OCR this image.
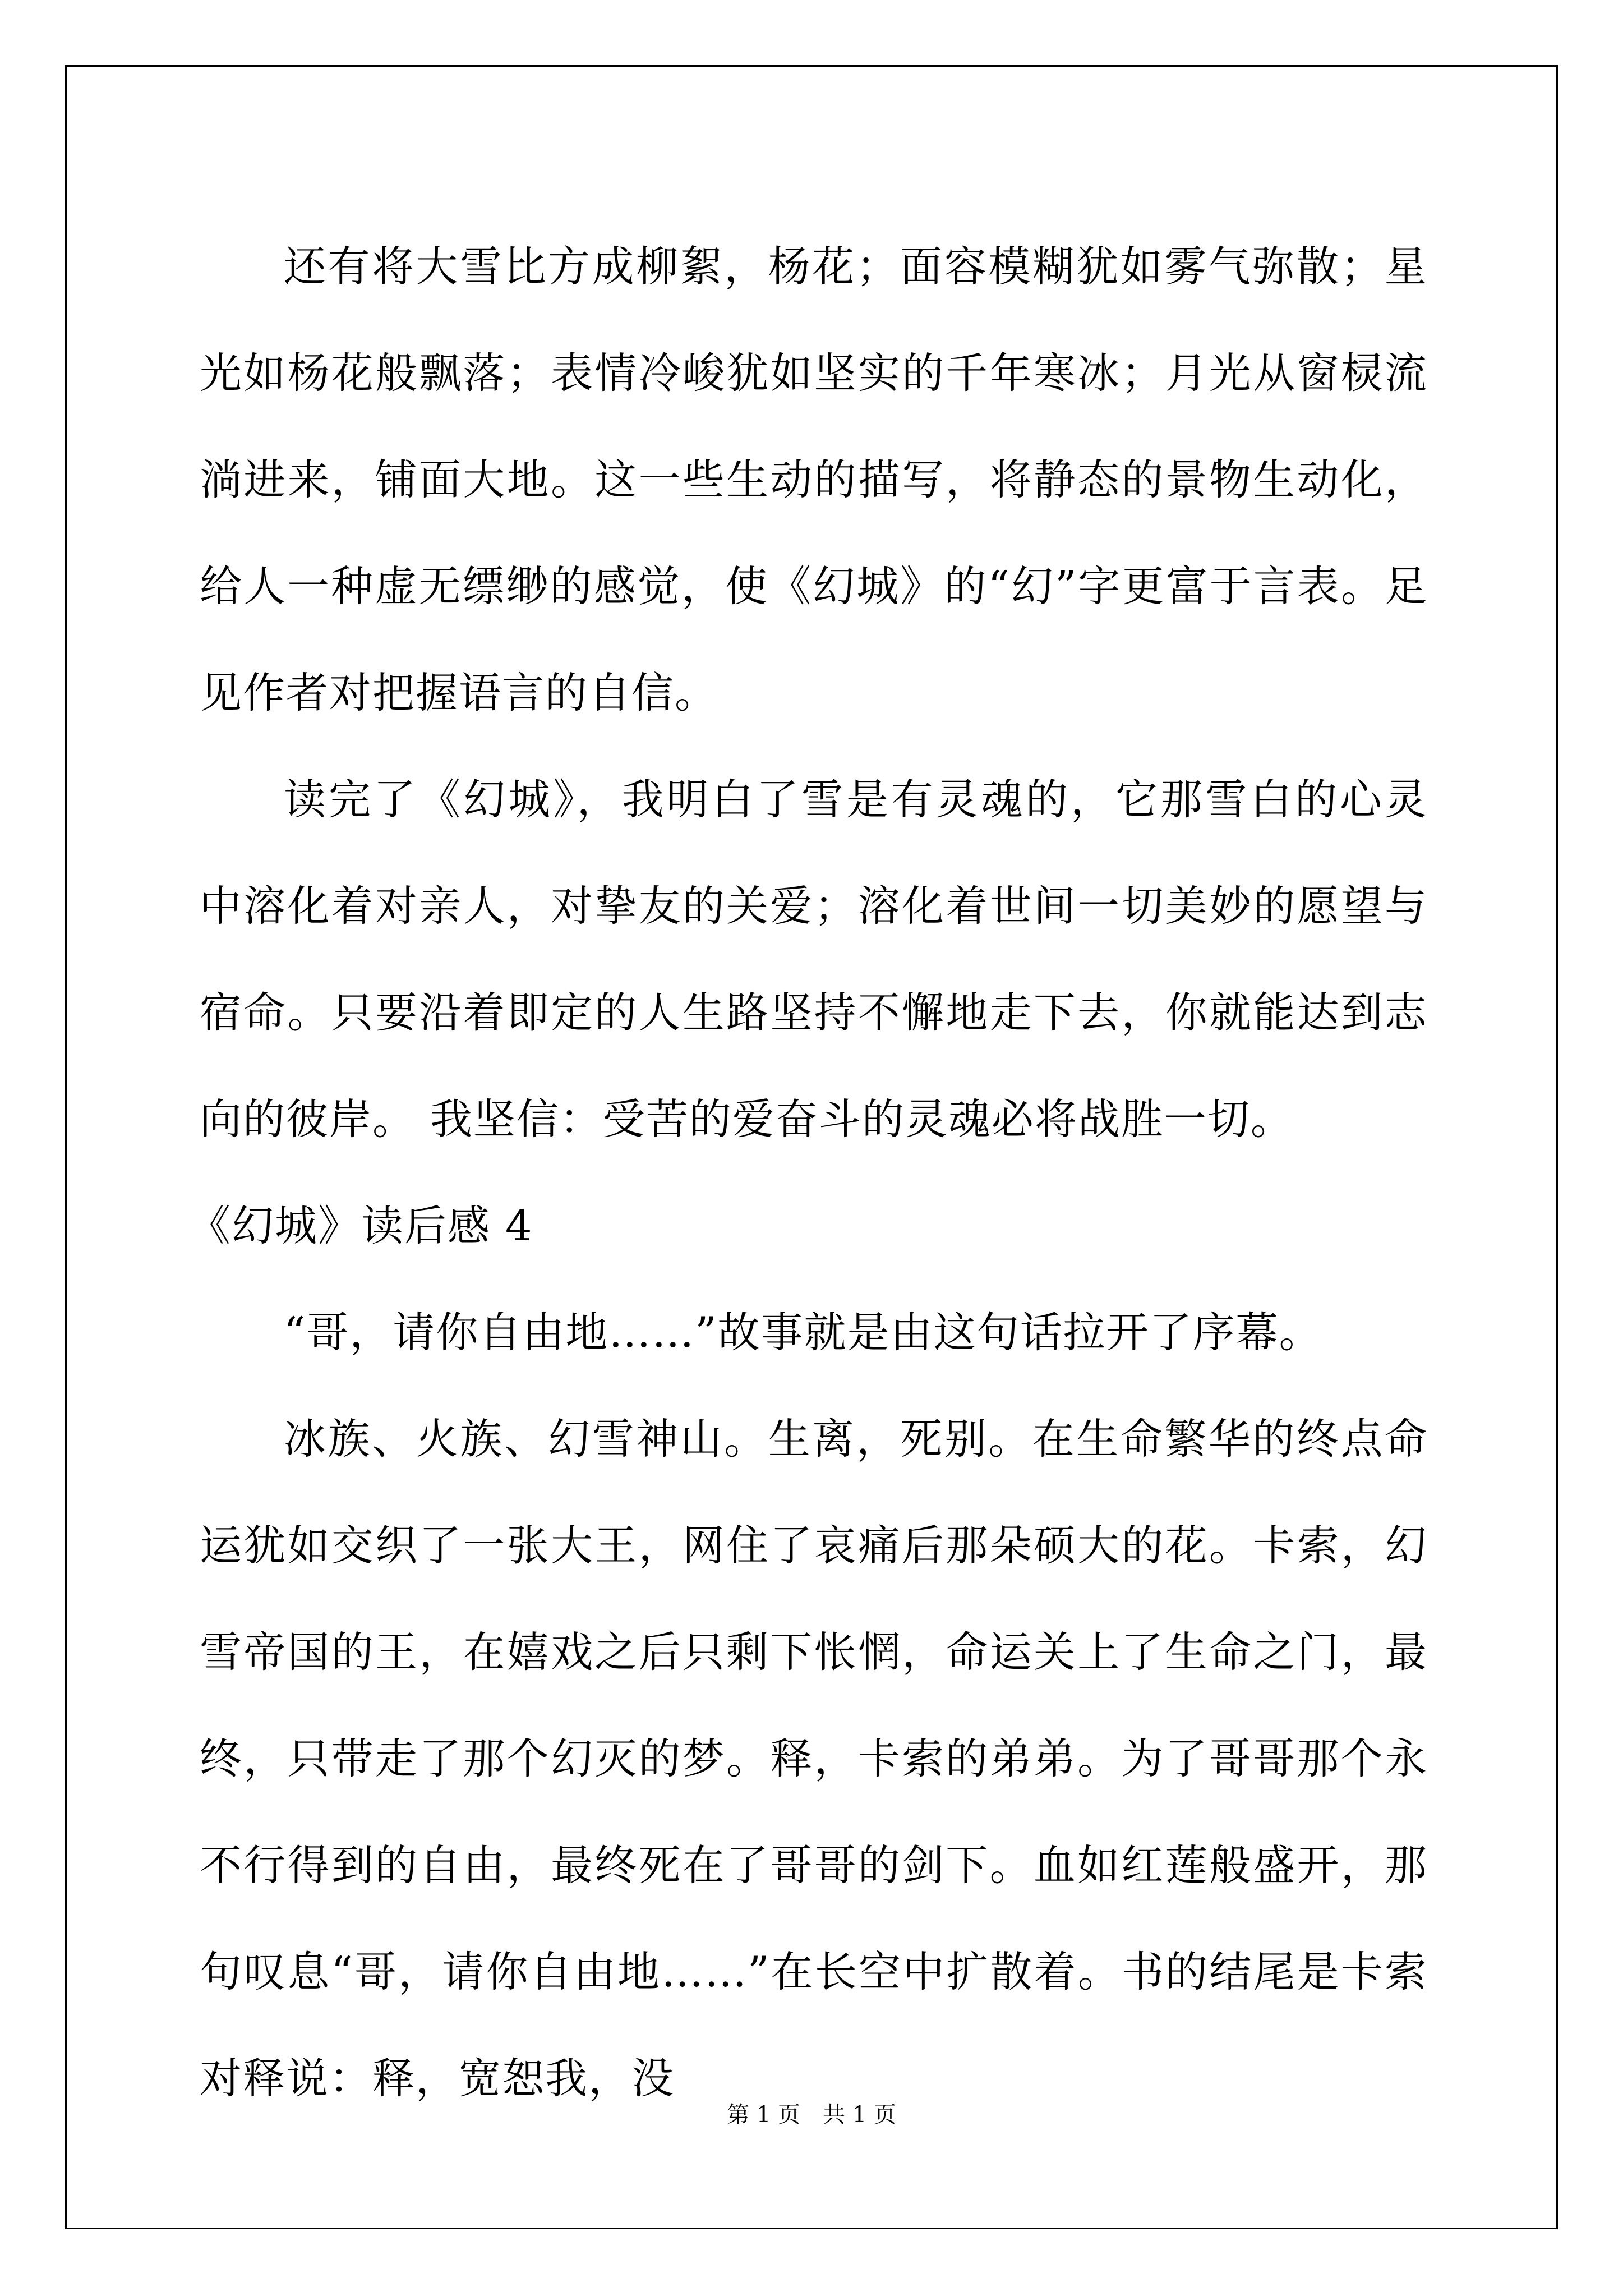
还有将大雪比方成柳絮，杨花；面容模糊犹如雾气弥散；星光如杨花般飘落；表情冷峻犹如坚实的千年寒冰；月光从窗棂流淌进来，铺面大地。这一些生动的描写，将静态的景物生动化，给人一种虚无缥缈的感觉，使《幻城》的“幻”字更富于言表。足见作者对把握语言的自信。

读完了《幻城》，我明白了雪是有灵魂的，它那雪白的心灵中溶化着对亲人，对挚友的关爱；溶化着世间一切美妙的愿望与宿命。只要沿着即定的人生路坚持不懈地走下去，你就能达到志向的彼岸。 我坚信：受苦的爱奋斗的灵魂必将战胜一切。

《幻城》读后感 4

“哥，请你自由地……”故事就是由这句话拉开了序幕。

冰族、火族、幻雪神山。生离，死别。在生命繁华的终点命运犹如交织了一张大王，网住了哀痛后那朵硕大的花。卡索，幻雪帝国的王，在嬉戏之后只剩下怅惘，命运关上了生命之门，最终，只带走了那个幻灭的梦。释，卡索的弟弟。为了哥哥那个永不行得到的自由，最终死在了哥哥的剑下。血如红莲般盛开，那句叹息“哥，请你自由地……”在长空中扩散着。书的结尾是卡索对释说：释，宽恕我，没

第 1 页 共 1 页
